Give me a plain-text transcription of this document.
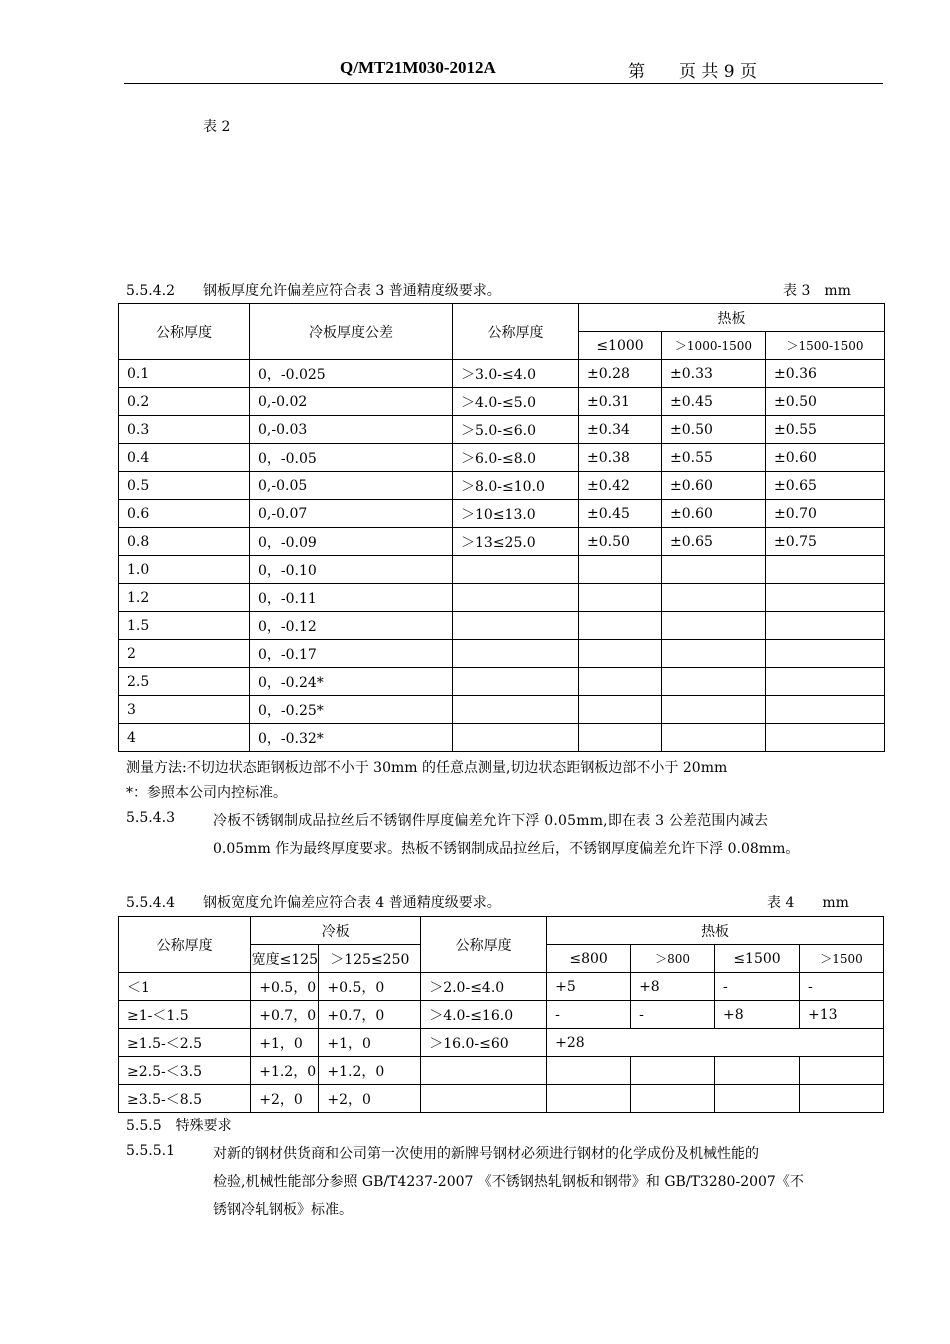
Q/MT21M030-2012A	第　　页 共 9 页
表 2
5.5.4.2　　钢板厚度允许偏差应符合表 3 普通精度级要求。	表 3　mm
公称厚度	冷板厚度公差	公称厚度	热板		
			≤1000	＞1000-1500	＞1500-1500
0.1	0，-0.025	＞3.0-≤4.0	±0.28	±0.33	±0.36
0.2	0,-0.02	＞4.0-≤5.0	±0.31	±0.45	±0.50
0.3	0,-0.03	＞5.0-≤6.0	±0.34	±0.50	±0.55
0.4	0，-0.05	＞6.0-≤8.0	±0.38	±0.55	±0.60
0.5	0,-0.05	＞8.0-≤10.0	±0.42	±0.60	±0.65
0.6	0,-0.07	＞10≤13.0	±0.45	±0.60	±0.70
0.8	0，-0.09	＞13≤25.0	±0.50	±0.65	±0.75
1.0	0，-0.10				
1.2	0，-0.11				
1.5	0，-0.12				
2	0，-0.17				
2.5	0，-0.24*				
3	0，-0.25*				
4	0，-0.32*				
测量方法:不切边状态距钢板边部不小于 30mm 的任意点测量,切边状态距钢板边部不小于 20mm
*：参照本公司内控标准。
5.5.4.3	冷板不锈钢制成品拉丝后不锈钢件厚度偏差允许下浮 0.05mm,即在表 3 公差范围内减去
0.05mm 作为最终厚度要求。热板不锈钢制成品拉丝后，不锈钢厚度偏差允许下浮 0.08mm。
5.5.4.4　　钢板宽度允许偏差应符合表 4 普通精度级要求。	表 4　　mm
公称厚度	冷板		公称厚度	热板			
	宽度≤125	＞125≤250		≤800	＞800	≤1500	＞1500
＜1	+0.5，0	+0.5，0	＞2.0-≤4.0	+5	+8	-	-
≥1-＜1.5	+0.7，0	+0.7，0	＞4.0-≤16.0	-	-	+8	+13
≥1.5-＜2.5	+1，0	+1，0	＞16.0-≤60	+28			
≥2.5-＜3.5	+1.2，0	+1.2，0					
≥3.5-＜8.5	+2，0	+2，0					
5.5.5　特殊要求
5.5.5.1	对新的钢材供货商和公司第一次使用的新牌号钢材必须进行钢材的化学成份及机械性能的
检验,机械性能部分参照 GB/T4237-2007 《不锈钢热轧钢板和钢带》和 GB/T3280-2007《不
锈钢冷轧钢板》标准。
